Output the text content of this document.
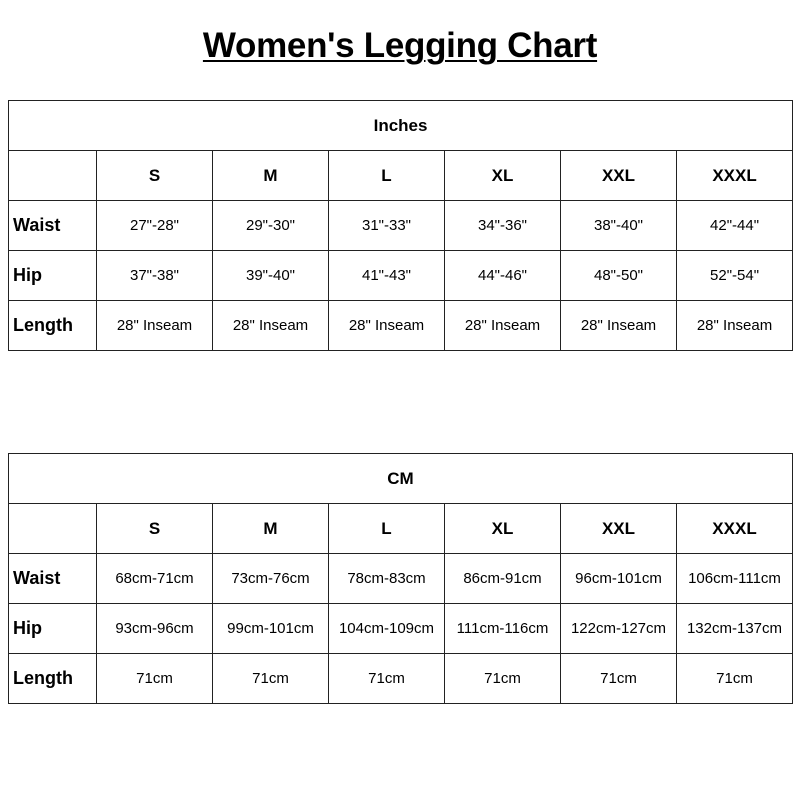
Women's Legging Chart
Inches						
	S	M	L	XL	XXL	XXXL
Waist	27"-28"	29"-30"	31"-33"	34"-36"	38"-40"	42"-44"
Hip	37"-38"	39"-40"	41"-43"	44"-46"	48"-50"	52"-54"
Length	28" Inseam	28" Inseam	28" Inseam	28" Inseam	28" Inseam	28" Inseam
CM						
	S	M	L	XL	XXL	XXXL
Waist	68cm-71cm	73cm-76cm	78cm-83cm	86cm-91cm	96cm-101cm	106cm-111cm
Hip	93cm-96cm	99cm-101cm	104cm-109cm	111cm-116cm	122cm-127cm	132cm-137cm
Length	71cm	71cm	71cm	71cm	71cm	71cm
